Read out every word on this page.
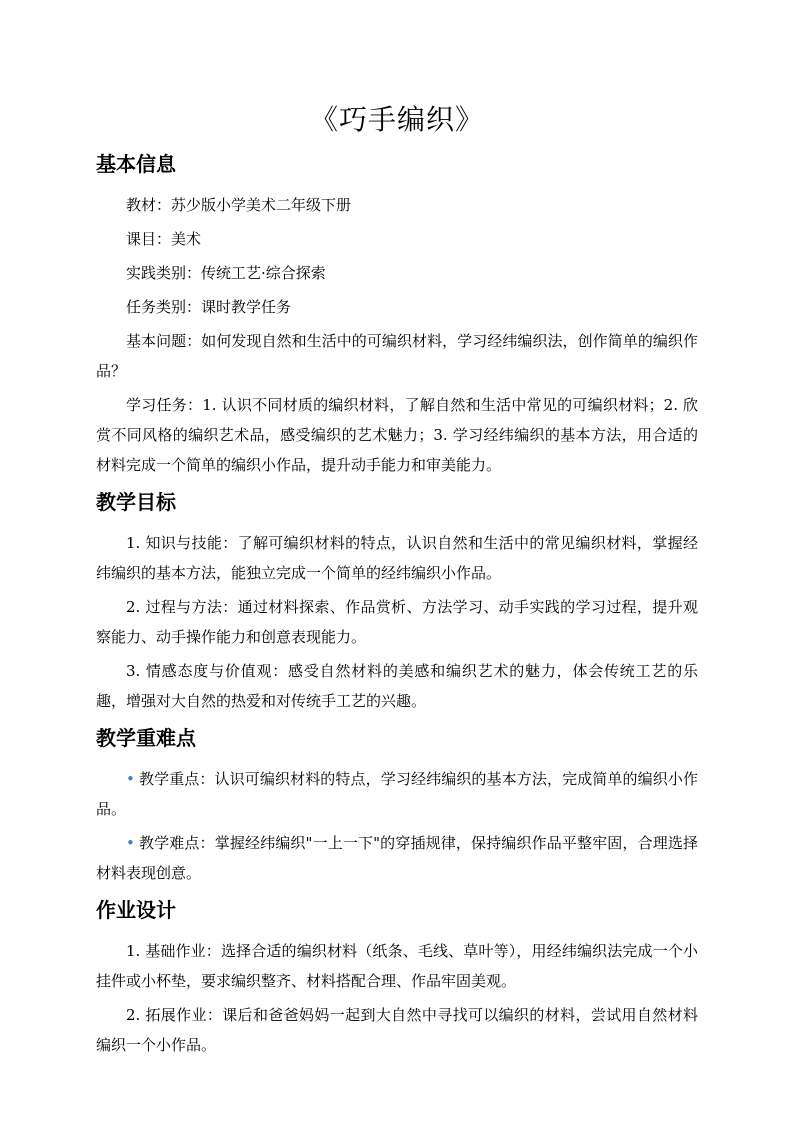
《巧手编织》
基本信息

教材：苏少版小学美术二年级下册

课目：美术

实践类别：传统工艺·综合探索

任务类别：课时教学任务

基本问题：如何发现自然和生活中的可编织材料，学习经纬编织法，创作简单的编织作品？

学习任务：1. 认识不同材质的编织材料，了解自然和生活中常见的可编织材料；2. 欣赏不同风格的编织艺术品，感受编织的艺术魅力；3. 学习经纬编织的基本方法，用合适的材料完成一个简单的编织小作品，提升动手能力和审美能力。

教学目标

1. 知识与技能：了解可编织材料的特点，认识自然和生活中的常见编织材料，掌握经纬编织的基本方法，能独立完成一个简单的经纬编织小作品。

2. 过程与方法：通过材料探索、作品赏析、方法学习、动手实践的学习过程，提升观察能力、动手操作能力和创意表现能力。

3. 情感态度与价值观：感受自然材料的美感和编织艺术的魅力，体会传统工艺的乐趣，增强对大自然的热爱和对传统手工艺的兴趣。

教学重难点

• 教学重点：认识可编织材料的特点，学习经纬编织的基本方法，完成简单的编织小作品。

• 教学难点：掌握经纬编织"一上一下"的穿插规律，保持编织作品平整牢固，合理选择材料表现创意。

作业设计

1. 基础作业：选择合适的编织材料（纸条、毛线、草叶等），用经纬编织法完成一个小挂件或小杯垫，要求编织整齐、材料搭配合理、作品牢固美观。

2. 拓展作业：课后和爸爸妈妈一起到大自然中寻找可以编织的材料，尝试用自然材料编织一个小作品。
